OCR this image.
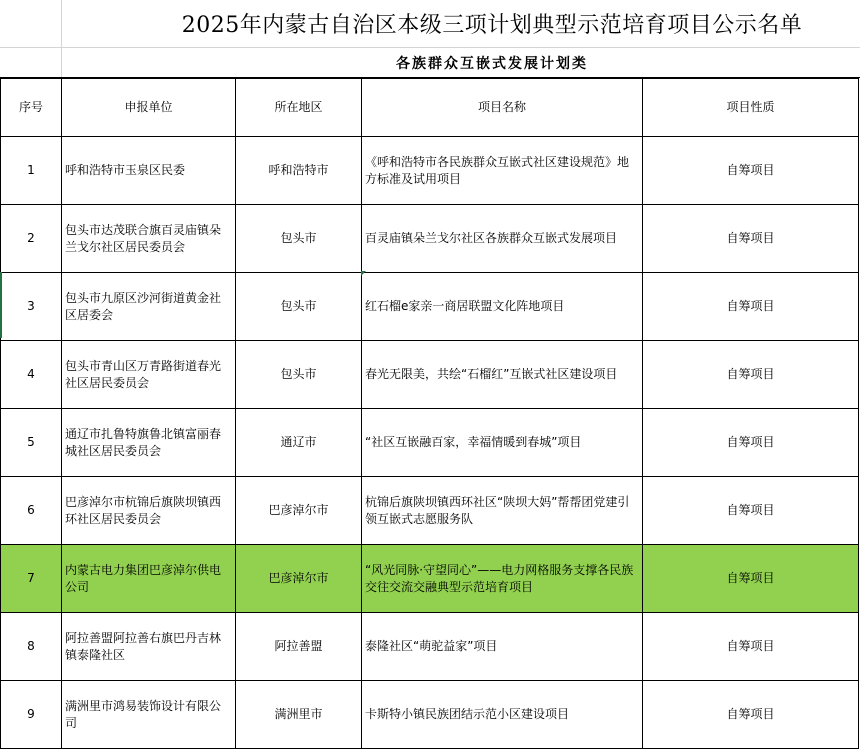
2025年内蒙古自治区本级三项计划典型示范培育项目公示名单
各族群众互嵌式发展计划类
序号	申报单位	所在地区	项目名称	项目性质
1	呼和浩特市玉泉区民委	呼和浩特市	《呼和浩特市各民族群众互嵌式社区建设规范》地方标准及试用项目	自筹项目
2	包头市达茂联合旗百灵庙镇朵兰戈尔社区居民委员会	包头市	百灵庙镇朵兰戈尔社区各族群众互嵌式发展项目	自筹项目
3	包头市九原区沙河街道黄金社区居委会	包头市	红石榴e家亲一商居联盟文化阵地项目	自筹项目
4	包头市青山区万青路街道春光社区居民委员会	包头市	春光无限美，共绘“石榴红”互嵌式社区建设项目	自筹项目
5	通辽市扎鲁特旗鲁北镇富丽春城社区居民委员会	通辽市	“社区互嵌融百家，幸福情暖到春城”项目	自筹项目
6	巴彦淖尔市杭锦后旗陕坝镇西环社区居民委员会	巴彦淖尔市	杭锦后旗陕坝镇西环社区“陕坝大妈”帮帮团党建引领互嵌式志愿服务队	自筹项目
7	内蒙古电力集团巴彦淖尔供电公司	巴彦淖尔市	“风光同脉·守望同心”——电力网格服务支撑各民族交往交流交融典型示范培育项目	自筹项目
8	阿拉善盟阿拉善右旗巴丹吉林镇泰隆社区	阿拉善盟	泰隆社区“萌驼益家”项目	自筹项目
9	满洲里市鸿易装饰设计有限公司	满洲里市	卡斯特小镇民族团结示范小区建设项目	自筹项目
